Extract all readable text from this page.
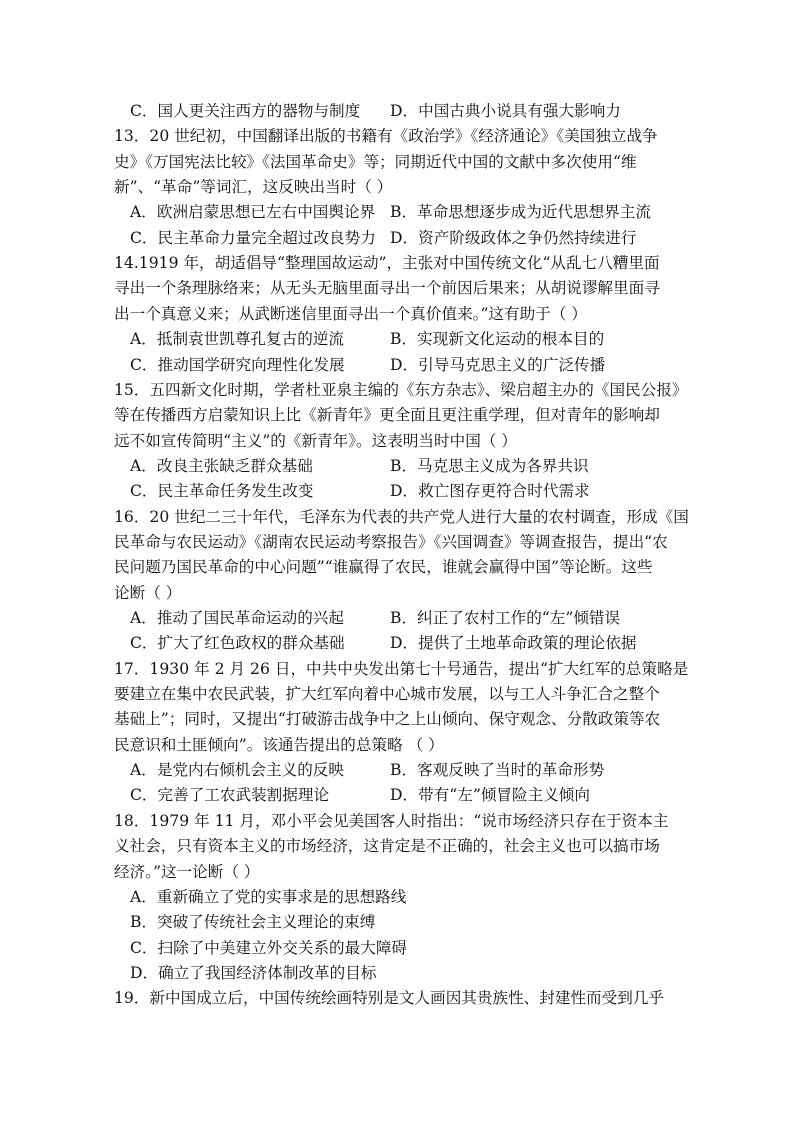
C．国人更关注西方的器物与制度 D．中国古典小说具有强大影响力
13．20 世纪初，中国翻译出版的书籍有《政治学》《经济通论》《美国独立战争
史》《万国宪法比较》《法国革命史》等；同期近代中国的文献中多次使用“维
新”、“革命”等词汇，这反映出当时（ ）
A．欧洲启蒙思想已左右中国舆论界 B．革命思想逐步成为近代思想界主流
C．民主革命力量完全超过改良势力 D．资产阶级政体之争仍然持续进行
14.1919 年，胡适倡导“整理国故运动”，主张对中国传统文化“从乱七八糟里面
寻出一个条理脉络来；从无头无脑里面寻出一个前因后果来；从胡说谬解里面寻
出一个真意义来；从武断迷信里面寻出一个真价值来。”这有助于（ ）
A．抵制袁世凯尊孔复古的逆流	B．实现新文化运动的根本目的
C．推动国学研究向理性化发展	D．引导马克思主义的广泛传播
15．五四新文化时期，学者杜亚泉主编的《东方杂志》、梁启超主办的《国民公报》
等在传播西方启蒙知识上比《新青年》更全面且更注重学理，但对青年的影响却
远不如宣传简明“主义”的《新青年》。这表明当时中国（ ）
A．改良主张缺乏群众基础	B．马克思主义成为各界共识
C．民主革命任务发生改变	D．救亡图存更符合时代需求
16．20 世纪二三十年代，毛泽东为代表的共产党人进行大量的农村调查，形成《国
民革命与农民运动》《湖南农民运动考察报告》《兴国调查》等调查报告，提出“农
民问题乃国民革命的中心问题”“谁赢得了农民，谁就会赢得中国”等论断。这些
论断（ ）
A．推动了国民革命运动的兴起	B．纠正了农村工作的“左”倾错误
C．扩大了红色政权的群众基础	D．提供了土地革命政策的理论依据
17．1930 年 2 月 26 日，中共中央发出第七十号通告，提出“扩大红军的总策略是
要建立在集中农民武装，扩大红军向着中心城市发展，以与工人斗争汇合之整个
基础上”；同时，又提出“打破游击战争中之上山倾向、保守观念、分散政策等农
民意识和土匪倾向”。该通告提出的总策略 （ ）
A．是党内右倾机会主义的反映	B．客观反映了当时的革命形势
C．完善了工农武装割据理论	D．带有“左”倾冒险主义倾向
18．1979 年 11 月，邓小平会见美国客人时指出：“说市场经济只存在于资本主
义社会，只有资本主义的市场经济，这肯定是不正确的，社会主义也可以搞市场
经济。”这一论断（ ）
A．重新确立了党的实事求是的思想路线
B．突破了传统社会主义理论的束缚
C．扫除了中美建立外交关系的最大障碍
D．确立了我国经济体制改革的目标
19．新中国成立后，中国传统绘画特别是文人画因其贵族性、封建性而受到几乎
